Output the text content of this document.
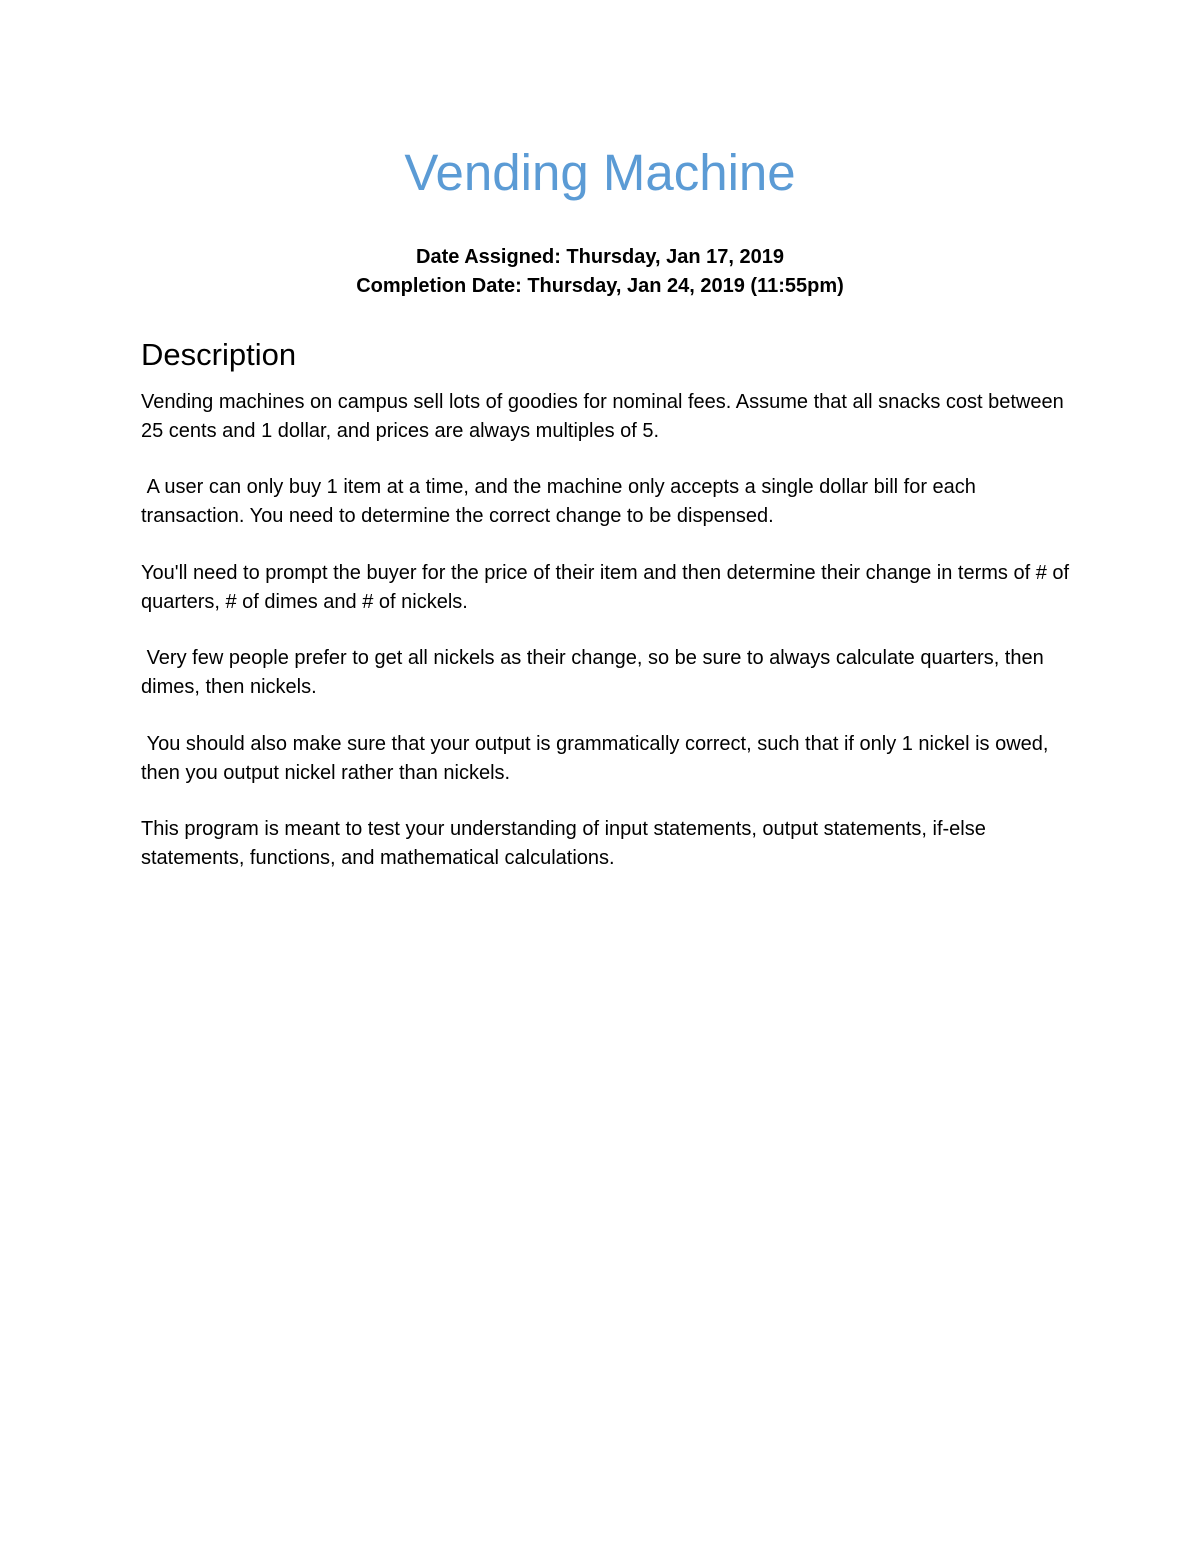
Vending Machine

Date Assigned: Thursday, Jan 17, 2019

Completion Date: Thursday, Jan 24, 2019 (11:55pm)

Description

Vending machines on campus sell lots of goodies for nominal fees. Assume that all snacks cost between 25 cents and 1 dollar, and prices are always multiples of 5.

A user can only buy 1 item at a time, and the machine only accepts a single dollar bill for each transaction. You need to determine the correct change to be dispensed.

You'll need to prompt the buyer for the price of their item and then determine their change in terms of # of quarters, # of dimes and # of nickels.

Very few people prefer to get all nickels as their change, so be sure to always calculate quarters, then dimes, then nickels.

You should also make sure that your output is grammatically correct, such that if only 1 nickel is owed, then you output nickel rather than nickels.

This program is meant to test your understanding of input statements, output statements, if-else statements, functions, and mathematical calculations.
